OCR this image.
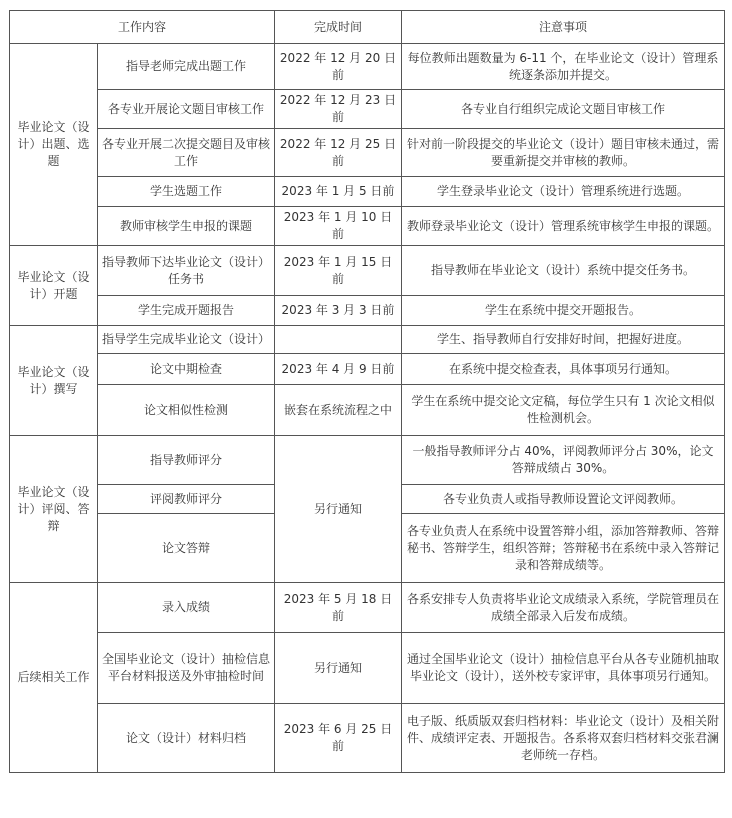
工作内容		完成时间	注意事项
毕业论文（设计）出题、选题	指导老师完成出题工作	2022 年 12 月 20 日前	每位教师出题数量为 6-11 个，在毕业论文（设计）管理系统逐条添加并提交。
	各专业开展论文题目审核工作	2022 年 12 月 23 日前	各专业自行组织完成论文题目审核工作
	各专业开展二次提交题目及审核工作	2022 年 12 月 25 日前	针对前一阶段提交的毕业论文（设计）题目审核未通过，需要重新提交并审核的教师。
	学生选题工作	2023 年 1 月 5 日前	学生登录毕业论文（设计）管理系统进行选题。
	教师审核学生申报的课题	2023 年 1 月 10 日前	教师登录毕业论文（设计）管理系统审核学生申报的课题。
毕业论文（设计）开题	指导教师下达毕业论文（设计）任务书	2023 年 1 月 15 日前	指导教师在毕业论文（设计）系统中提交任务书。
	学生完成开题报告	2023 年 3 月 3 日前	学生在系统中提交开题报告。
毕业论文（设计）撰写	指导学生完成毕业论文（设计）		学生、指导教师自行安排好时间，把握好进度。
	论文中期检查	2023 年 4 月 9 日前	在系统中提交检查表，具体事项另行通知。
	论文相似性检测	嵌套在系统流程之中	学生在系统中提交论文定稿，每位学生只有 1 次论文相似性检测机会。
毕业论文（设计）评阅、答辩	指导教师评分	另行通知	一般指导教师评分占 40%，评阅教师评分占 30%，论文答辩成绩占 30%。
	评阅教师评分		各专业负责人或指导教师设置论文评阅教师。
	论文答辩		各专业负责人在系统中设置答辩小组，添加答辩教师、答辩秘书、答辩学生，组织答辩；答辩秘书在系统中录入答辩记录和答辩成绩等。
后续相关工作	录入成绩	2023 年 5 月 18 日前	各系安排专人负责将毕业论文成绩录入系统，学院管理员在成绩全部录入后发布成绩。
	全国毕业论文（设计）抽检信息平台材料报送及外审抽检时间	另行通知	通过全国毕业论文（设计）抽检信息平台从各专业随机抽取毕业论文（设计），送外校专家评审，具体事项另行通知。
	论文（设计）材料归档	2023 年 6 月 25 日前	电子版、纸质版双套归档材料：毕业论文（设计）及相关附件、成绩评定表、开题报告。各系将双套归档材料交张君澜老师统一存档。
